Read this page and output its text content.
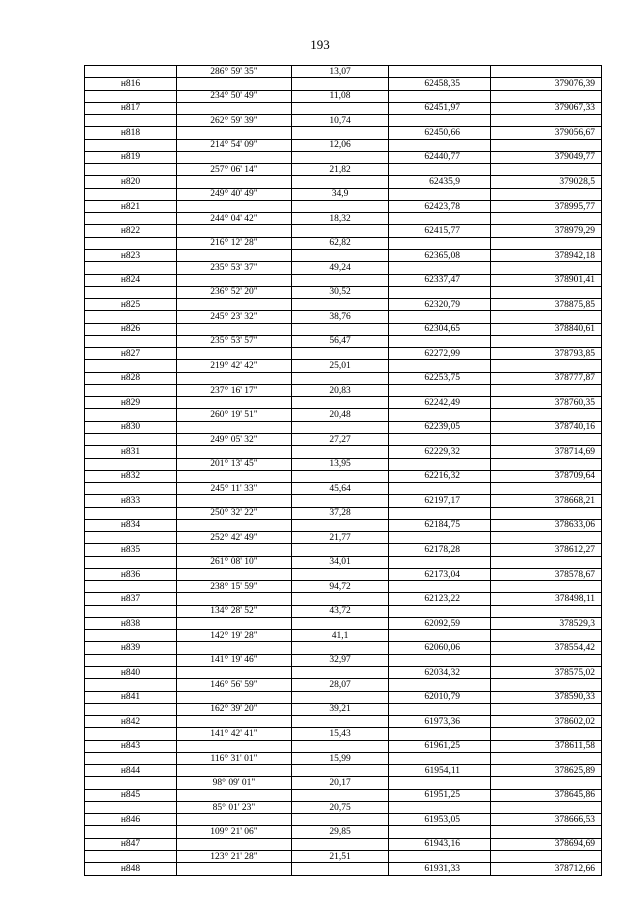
193
	286° 59' 35"	13,07		
н816			62458,35	379076,39
	234° 50' 49"	11,08		
н817			62451,97	379067,33
	262° 59' 39"	10,74		
н818			62450,66	379056,67
	214° 54' 09"	12,06		
н819			62440,77	379049,77
	257° 06' 14"	21,82		
н820			62435,9	379028,5
	249° 40' 49"	34,9		
н821			62423,78	378995,77
	244° 04' 42"	18,32		
н822			62415,77	378979,29
	216° 12' 28"	62,82		
н823			62365,08	378942,18
	235° 53' 37"	49,24		
н824			62337,47	378901,41
	236° 52' 20"	30,52		
н825			62320,79	378875,85
	245° 23' 32"	38,76		
н826			62304,65	378840,61
	235° 53' 57"	56,47		
н827			62272,99	378793,85
	219° 42' 42"	25,01		
н828			62253,75	378777,87
	237° 16' 17"	20,83		
н829			62242,49	378760,35
	260° 19' 51"	20,48		
н830			62239,05	378740,16
	249° 05' 32"	27,27		
н831			62229,32	378714,69
	201° 13' 45"	13,95		
н832			62216,32	378709,64
	245° 11' 33"	45,64		
н833			62197,17	378668,21
	250° 32' 22"	37,28		
н834			62184,75	378633,06
	252° 42' 49"	21,77		
н835			62178,28	378612,27
	261° 08' 10"	34,01		
н836			62173,04	378578,67
	238° 15' 59"	94,72		
н837			62123,22	378498,11
	134° 28' 52"	43,72		
н838			62092,59	378529,3
	142° 19' 28"	41,1		
н839			62060,06	378554,42
	141° 19' 46"	32,97		
н840			62034,32	378575,02
	146° 56' 59"	28,07		
н841			62010,79	378590,33
	162° 39' 20"	39,21		
н842			61973,36	378602,02
	141° 42' 41"	15,43		
н843			61961,25	378611,58
	116° 31' 01"	15,99		
н844			61954,11	378625,89
	98° 09' 01"	20,17		
н845			61951,25	378645,86
	85° 01' 23"	20,75		
н846			61953,05	378666,53
	109° 21' 06"	29,85		
н847			61943,16	378694,69
	123° 21' 28"	21,51		
н848			61931,33	378712,66
